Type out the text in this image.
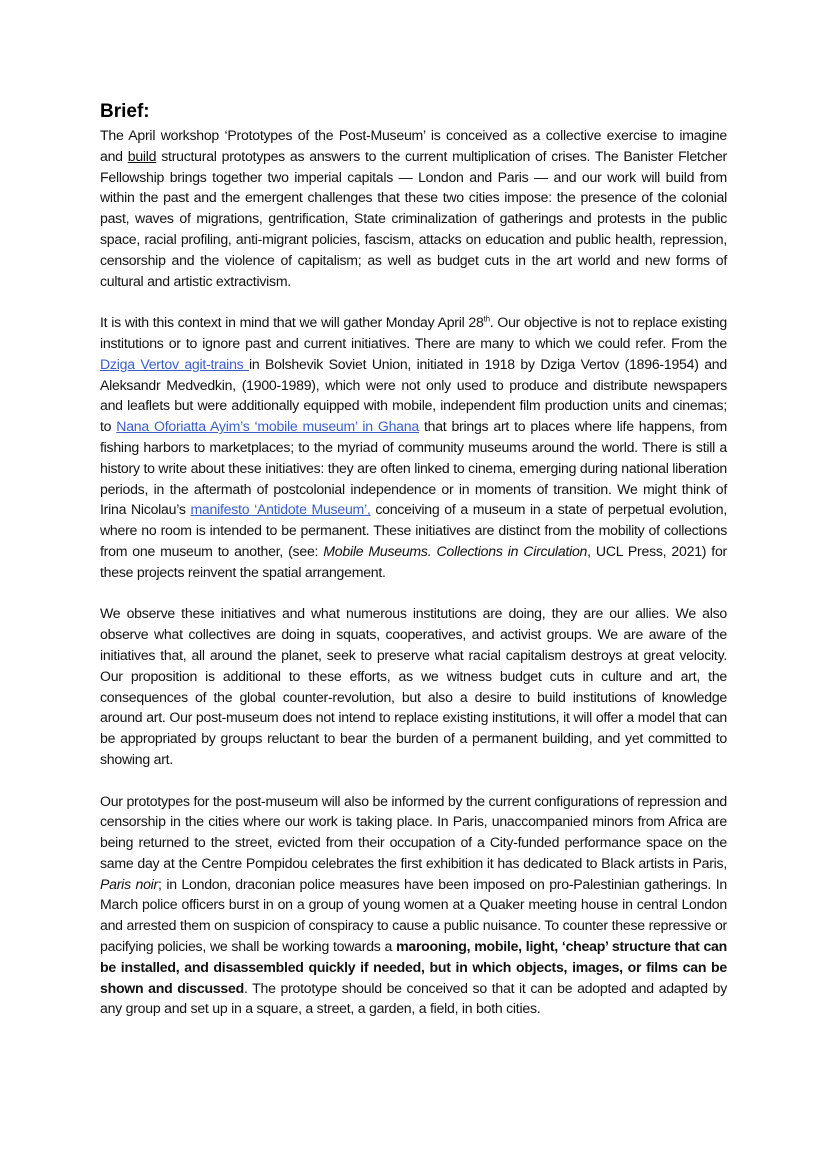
Brief:

The April workshop ‘Prototypes of the Post-Museum’ is conceived as a collective exercise to imagine and build structural prototypes as answers to the current multiplication of crises. The Banister Fletcher Fellowship brings together two imperial capitals — London and Paris — and our work will build from within the past and the emergent challenges that these two cities impose: the presence of the colonial past, waves of migrations, gentrification, State criminalization of gatherings and protests in the public space, racial profiling, anti-migrant policies, fascism, attacks on education and public health, repression, censorship and the violence of capitalism; as well as budget cuts in the art world and new forms of cultural and artistic extractivism.

It is with this context in mind that we will gather Monday April 28th. Our objective is not to replace existing institutions or to ignore past and current initiatives. There are many to which we could refer. From the Dziga Vertov agit-trains in Bolshevik Soviet Union, initiated in 1918 by Dziga Vertov (1896-1954) and Aleksandr Medvedkin, (1900-1989), which were not only used to produce and distribute newspapers and leaflets but were additionally equipped with mobile, independent film production units and cinemas; to Nana Oforiatta Ayim’s ‘mobile museum’ in Ghana that brings art to places where life happens, from fishing harbors to marketplaces; to the myriad of community museums around the world. There is still a history to write about these initiatives: they are often linked to cinema, emerging during national liberation periods, in the aftermath of postcolonial independence or in moments of transition. We might think of Irina Nicolau’s manifesto ‘Antidote Museum’, conceiving of a museum in a state of perpetual evolution, where no room is intended to be permanent. These initiatives are distinct from the mobility of collections from one museum to another, (see: Mobile Museums. Collections in Circulation, UCL Press, 2021) for these projects reinvent the spatial arrangement.

We observe these initiatives and what numerous institutions are doing, they are our allies. We also observe what collectives are doing in squats, cooperatives, and activist groups. We are aware of the initiatives that, all around the planet, seek to preserve what racial capitalism destroys at great velocity. Our proposition is additional to these efforts, as we witness budget cuts in culture and art, the consequences of the global counter-revolution, but also a desire to build institutions of knowledge around art. Our post-museum does not intend to replace existing institutions, it will offer a model that can be appropriated by groups reluctant to bear the burden of a permanent building, and yet committed to showing art.

Our prototypes for the post-museum will also be informed by the current configurations of repression and censorship in the cities where our work is taking place. In Paris, unaccompanied minors from Africa are being returned to the street, evicted from their occupation of a City-funded performance space on the same day at the Centre Pompidou celebrates the first exhibition it has dedicated to Black artists in Paris, Paris noir; in London, draconian police measures have been imposed on pro-Palestinian gatherings. In March police officers burst in on a group of young women at a Quaker meeting house in central London and arrested them on suspicion of conspiracy to cause a public nuisance. To counter these repressive or pacifying policies, we shall be working towards a marooning, mobile, light, ‘cheap’ structure that can be installed, and disassembled quickly if needed, but in which objects, images, or films can be shown and discussed. The prototype should be conceived so that it can be adopted and adapted by any group and set up in a square, a street, a garden, a field, in both cities.
